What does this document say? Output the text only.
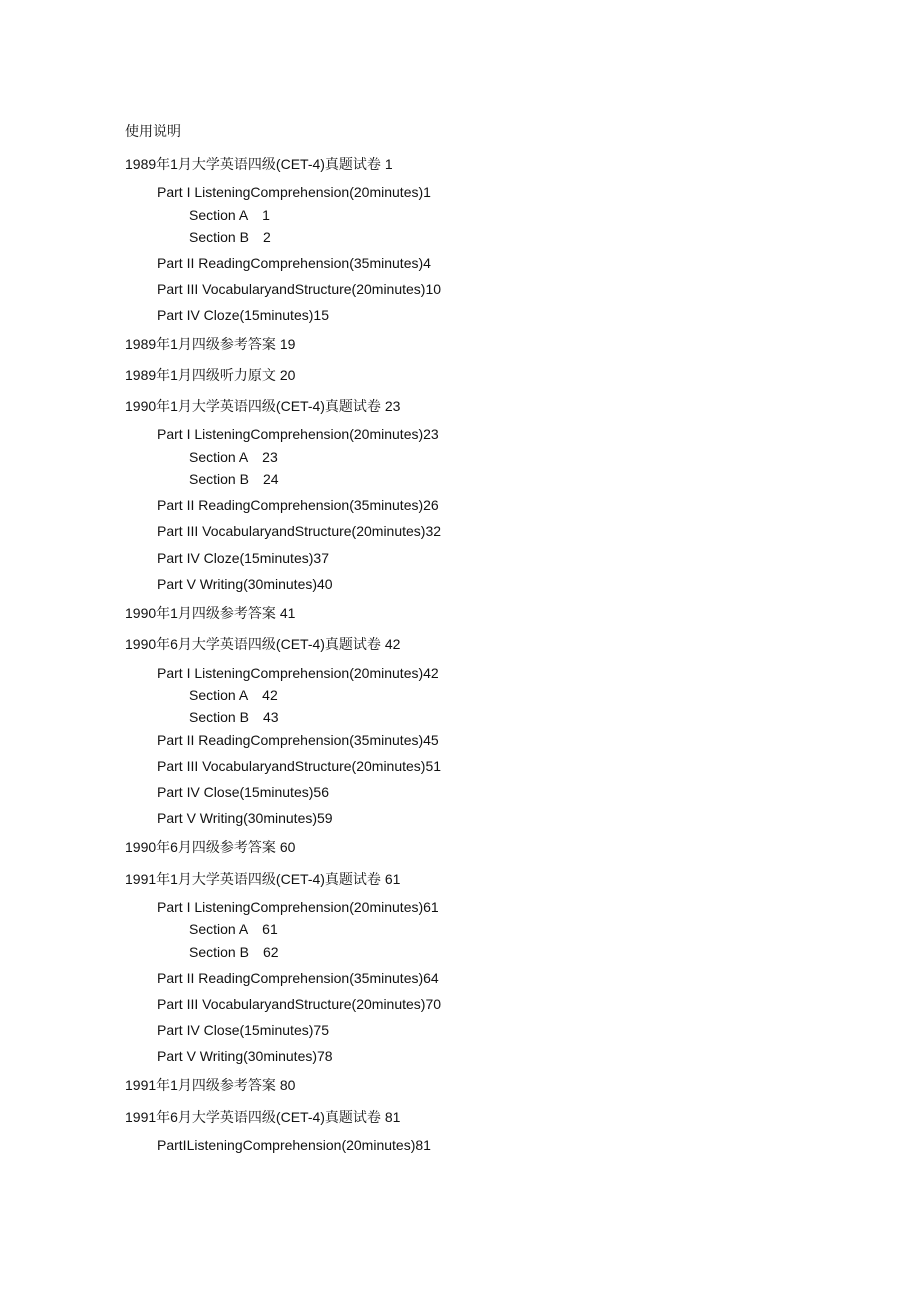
使用说明
1989年1月大学英语四级(CET-4)真题试卷 1
Part I ListeningComprehension(20minutes)1
Section A 1
Section B 2
Part II ReadingComprehension(35minutes)4
Part III VocabularyandStructure(20minutes)10
Part IV Cloze(15minutes)15
1989年1月四级参考答案 19
1989年1月四级听力原文 20
1990年1月大学英语四级(CET-4)真题试卷 23
Part I ListeningComprehension(20minutes)23
Section A 23
Section B 24
Part II ReadingComprehension(35minutes)26
Part III VocabularyandStructure(20minutes)32
Part IV Cloze(15minutes)37
Part V Writing(30minutes)40
1990年1月四级参考答案 41
1990年6月大学英语四级(CET-4)真题试卷 42
Part I ListeningComprehension(20minutes)42
Section A 42
Section B 43
Part II ReadingComprehension(35minutes)45
Part III VocabularyandStructure(20minutes)51
Part IV Close(15minutes)56
Part V Writing(30minutes)59
1990年6月四级参考答案 60
1991年1月大学英语四级(CET-4)真题试卷 61
Part I ListeningComprehension(20minutes)61
Section A 61
Section B 62
Part II ReadingComprehension(35minutes)64
Part III VocabularyandStructure(20minutes)70
Part IV Close(15minutes)75
Part V Writing(30minutes)78
1991年1月四级参考答案 80
1991年6月大学英语四级(CET-4)真题试卷 81
PartIListeningComprehension(20minutes)81
